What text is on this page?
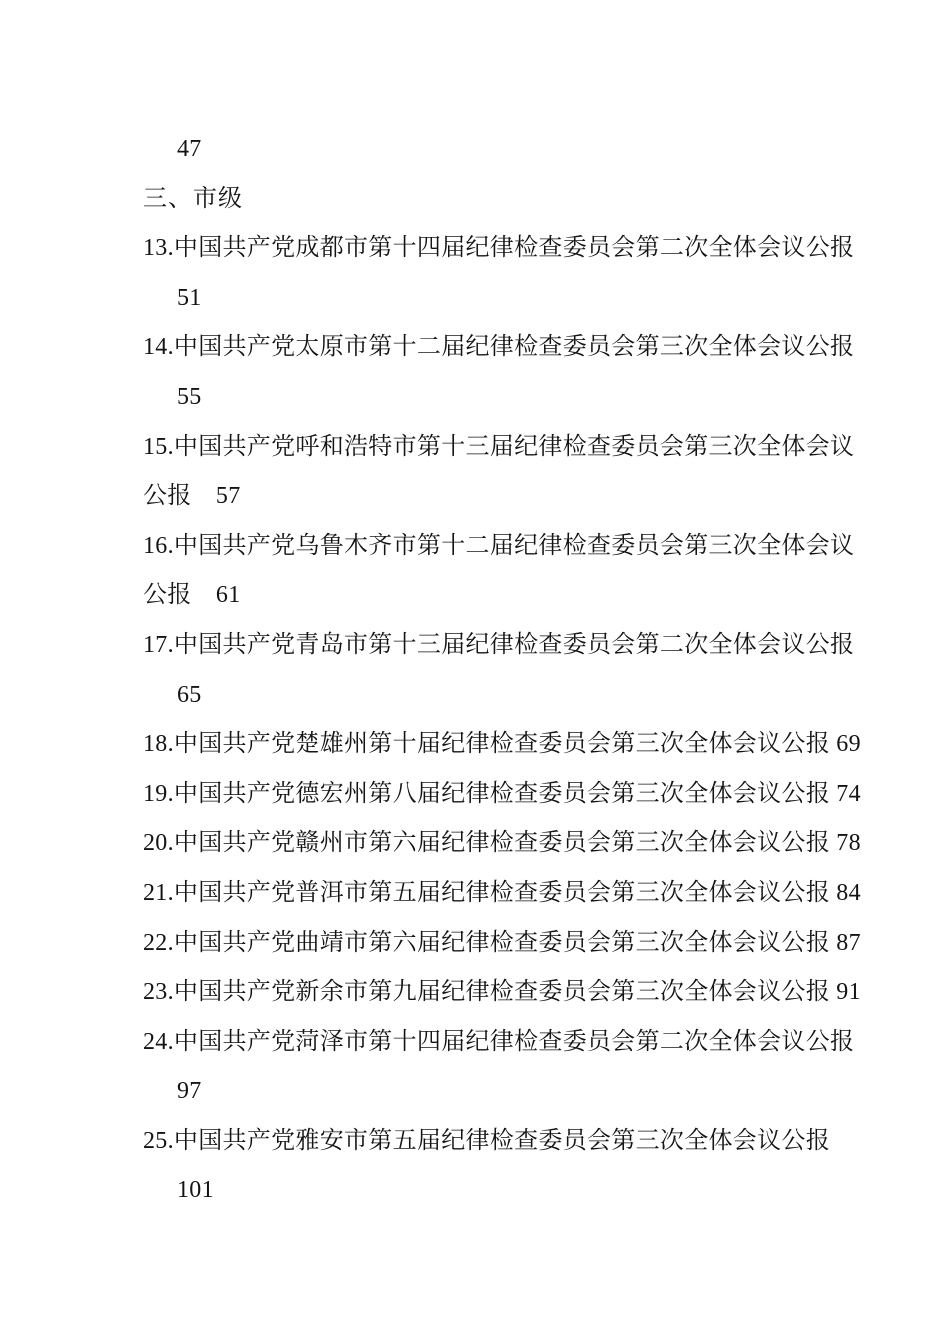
47
三、市级
13.中国共产党成都市第十四届纪律检查委员会第二次全体会议公报
51
14.中国共产党太原市第十二届纪律检查委员会第三次全体会议公报
55
15.中国共产党呼和浩特市第十三届纪律检查委员会第三次全体会议
公报　57
16.中国共产党乌鲁木齐市第十二届纪律检查委员会第三次全体会议
公报　61
17.中国共产党青岛市第十三届纪律检查委员会第二次全体会议公报
65
18.中国共产党楚雄州第十届纪律检查委员会第三次全体会议公报 69
19.中国共产党德宏州第八届纪律检查委员会第三次全体会议公报 74
20.中国共产党赣州市第六届纪律检查委员会第三次全体会议公报 78
21.中国共产党普洱市第五届纪律检查委员会第三次全体会议公报 84
22.中国共产党曲靖市第六届纪律检查委员会第三次全体会议公报 87
23.中国共产党新余市第九届纪律检查委员会第三次全体会议公报 91
24.中国共产党菏泽市第十四届纪律检查委员会第二次全体会议公报
97
25.中国共产党雅安市第五届纪律检查委员会第三次全体会议公报
101
